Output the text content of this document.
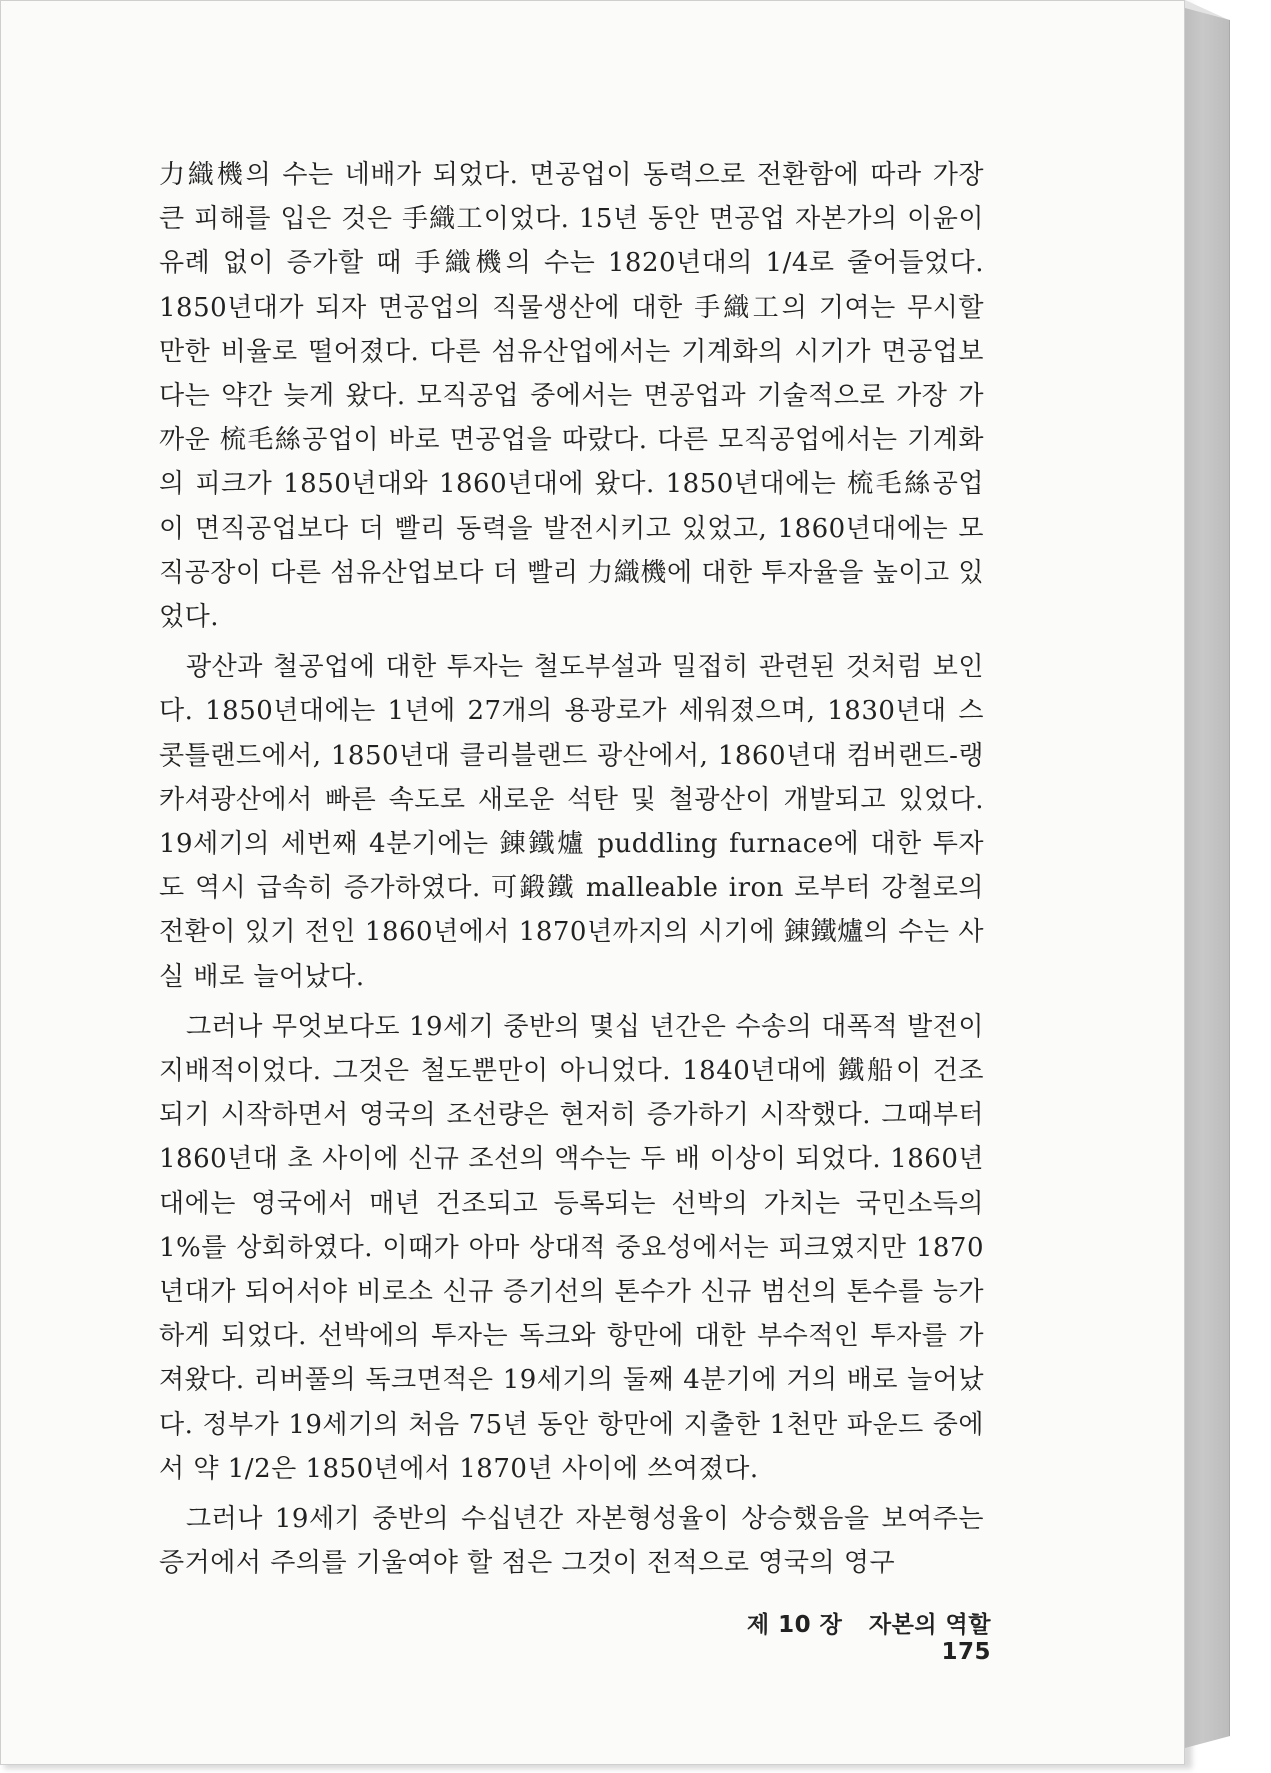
力織機의 수는 네배가 되었다. 면공업이 동력으로 전환함에 따라 가장 큰 피해를 입은 것은 手織工이었다. 15년 동안 면공업 자본가의 이윤이 유례 없이 증가할 때 手織機의 수는 1820년대의 1/4로 줄어들었다. 1850년대가 되자 면공업의 직물생산에 대한 手織工의 기여는 무시할 만한 비율로 떨어졌다. 다른 섬유산업에서는 기계화의 시기가 면공업보다는 약간 늦게 왔다. 모직공업 중에서는 면공업과 기술적으로 가장 가까운 梳毛絲공업이 바로 면공업을 따랐다. 다른 모직공업에서는 기계화의 피크가 1850년대와 1860년대에 왔다. 1850년대에는 梳毛絲공업이 면직공업보다 더 빨리 동력을 발전시키고 있었고, 1860년대에는 모직공장이 다른 섬유산업보다 더 빨리 力織機에 대한 투자율을 높이고 있었다.

광산과 철공업에 대한 투자는 철도부설과 밀접히 관련된 것처럼 보인다. 1850년대에는 1년에 27개의 용광로가 세워졌으며, 1830년대 스콧틀랜드에서, 1850년대 클리블랜드 광산에서, 1860년대 컴버랜드-랭카셔광산에서 빠른 속도로 새로운 석탄 및 철광산이 개발되고 있었다. 19세기의 세번째 4분기에는 錬鐵爐 puddling furnace에 대한 투자도 역시 급속히 증가하였다. 可鍛鐵 malleable iron 로부터 강철로의 전환이 있기 전인 1860년에서 1870년까지의 시기에 錬鐵爐의 수는 사실 배로 늘어났다.

그러나 무엇보다도 19세기 중반의 몇십 년간은 수송의 대폭적 발전이 지배적이었다. 그것은 철도뿐만이 아니었다. 1840년대에 鐵船이 건조되기 시작하면서 영국의 조선량은 현저히 증가하기 시작했다. 그때부터 1860년대 초 사이에 신규 조선의 액수는 두 배 이상이 되었다. 1860년대에는 영국에서 매년 건조되고 등록되는 선박의 가치는 국민소득의 1%를 상회하였다. 이때가 아마 상대적 중요성에서는 피크였지만 1870년대가 되어서야 비로소 신규 증기선의 톤수가 신규 범선의 톤수를 능가하게 되었다. 선박에의 투자는 독크와 항만에 대한 부수적인 투자를 가져왔다. 리버풀의 독크면적은 19세기의 둘째 4분기에 거의 배로 늘어났다. 정부가 19세기의 처음 75년 동안 항만에 지출한 1천만 파운드 중에서 약 1/2은 1850년에서 1870년 사이에 쓰여졌다.

그러나 19세기 중반의 수십년간 자본형성율이 상승했음을 보여주는 증거에서 주의를 기울여야 할 점은 그것이 전적으로 영국의 영구

제 10 장 자본의 역할 175
